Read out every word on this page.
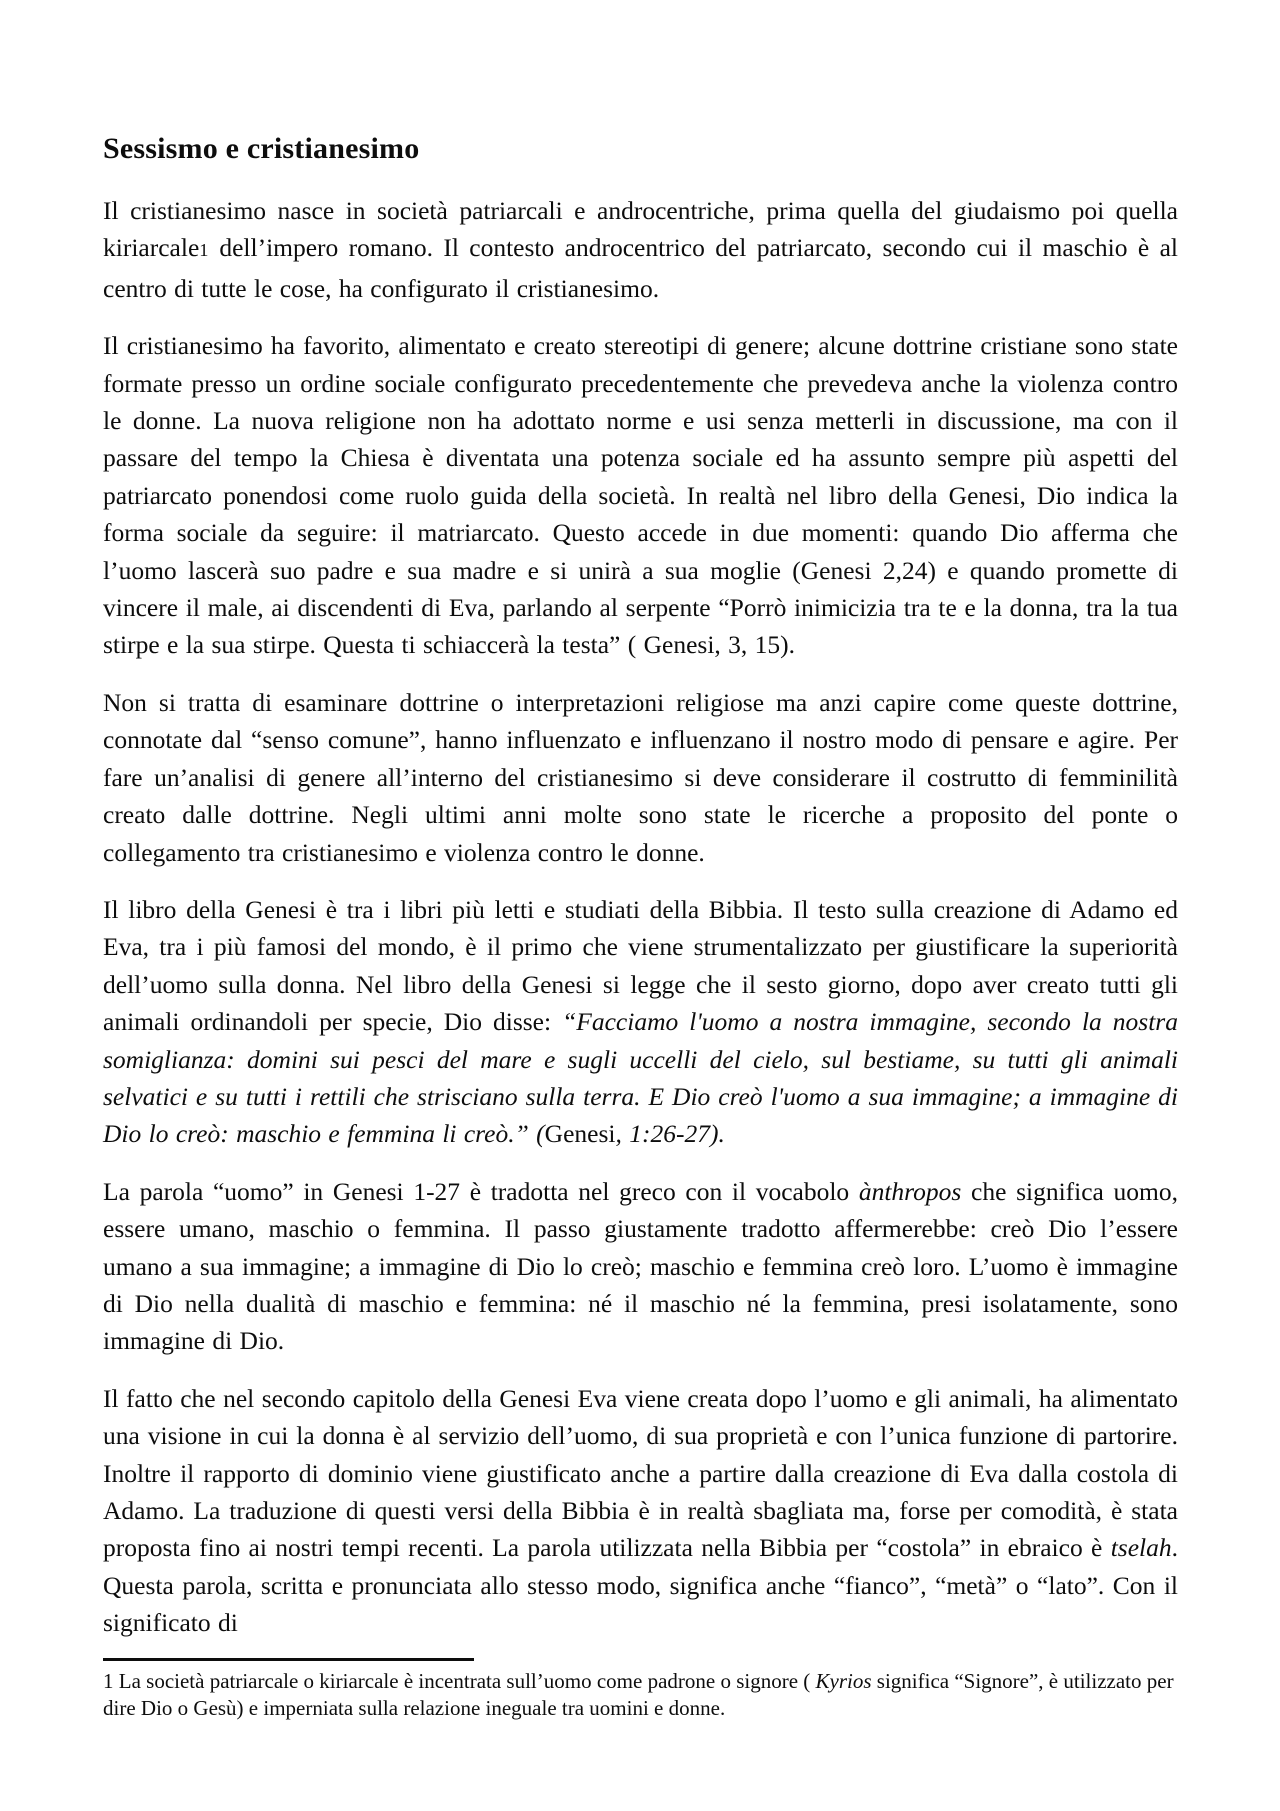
Sessismo e cristianesimo

Il cristianesimo nasce in società patriarcali e androcentriche, prima quella del giudaismo poi quella kiriarcale1 dell’impero romano. Il contesto androcentrico del patriarcato, secondo cui il maschio è al centro di tutte le cose, ha configurato il cristianesimo.

Il cristianesimo ha favorito, alimentato e creato stereotipi di genere; alcune dottrine cristiane sono state formate presso un ordine sociale configurato precedentemente che prevedeva anche la violenza contro le donne. La nuova religione non ha adottato norme e usi senza metterli in discussione, ma con il passare del tempo la Chiesa è diventata una potenza sociale ed ha assunto sempre più aspetti del patriarcato ponendosi come ruolo guida della società. In realtà nel libro della Genesi, Dio indica la forma sociale da seguire: il matriarcato. Questo accede in due momenti: quando Dio afferma che l’uomo lascerà suo padre e sua madre e si unirà a sua moglie (Genesi 2,24) e quando promette di vincere il male, ai discendenti di Eva, parlando al serpente “Porrò inimicizia tra te e la donna, tra la tua stirpe e la sua stirpe. Questa ti schiaccerà la testa” ( Genesi, 3, 15).

Non si tratta di esaminare dottrine o interpretazioni religiose ma anzi capire come queste dottrine, connotate dal “senso comune”, hanno influenzato e influenzano il nostro modo di pensare e agire. Per fare un’analisi di genere all’interno del cristianesimo si deve considerare il costrutto di femminilità creato dalle dottrine. Negli ultimi anni molte sono state le ricerche a proposito del ponte o collegamento tra cristianesimo e violenza contro le donne.

Il libro della Genesi è tra i libri più letti e studiati della Bibbia. Il testo sulla creazione di Adamo ed Eva, tra i più famosi del mondo, è il primo che viene strumentalizzato per giustificare la superiorità dell’uomo sulla donna. Nel libro della Genesi si legge che il sesto giorno, dopo aver creato tutti gli animali ordinandoli per specie, Dio disse: “Facciamo l'uomo a nostra immagine, secondo la nostra somiglianza: domini sui pesci del mare e sugli uccelli del cielo, sul bestiame, su tutti gli animali selvatici e su tutti i rettili che strisciano sulla terra. E Dio creò l'uomo a sua immagine; a immagine di Dio lo creò: maschio e femmina li creò.” (Genesi, 1:26-27).

La parola “uomo” in Genesi 1-27 è tradotta nel greco con il vocabolo ànthropos che significa uomo, essere umano, maschio o femmina. Il passo giustamente tradotto affermerebbe: creò Dio l’essere umano a sua immagine; a immagine di Dio lo creò; maschio e femmina creò loro. L’uomo è immagine di Dio nella dualità di maschio e femmina: né il maschio né la femmina, presi isolatamente, sono immagine di Dio.

Il fatto che nel secondo capitolo della Genesi Eva viene creata dopo l’uomo e gli animali, ha alimentato una visione in cui la donna è al servizio dell’uomo, di sua proprietà e con l’unica funzione di partorire. Inoltre il rapporto di dominio viene giustificato anche a partire dalla creazione di Eva dalla costola di Adamo. La traduzione di questi versi della Bibbia è in realtà sbagliata ma, forse per comodità, è stata proposta fino ai nostri tempi recenti. La parola utilizzata nella Bibbia per “costola” in ebraico è tselah. Questa parola, scritta e pronunciata allo stesso modo, significa anche “fianco”, “metà” o “lato”. Con il significato di

1 La società patriarcale o kiriarcale è incentrata sull’uomo come padrone o signore ( Kyrios significa “Signore”, è utilizzato per dire Dio o Gesù) e imperniata sulla relazione ineguale tra uomini e donne.
